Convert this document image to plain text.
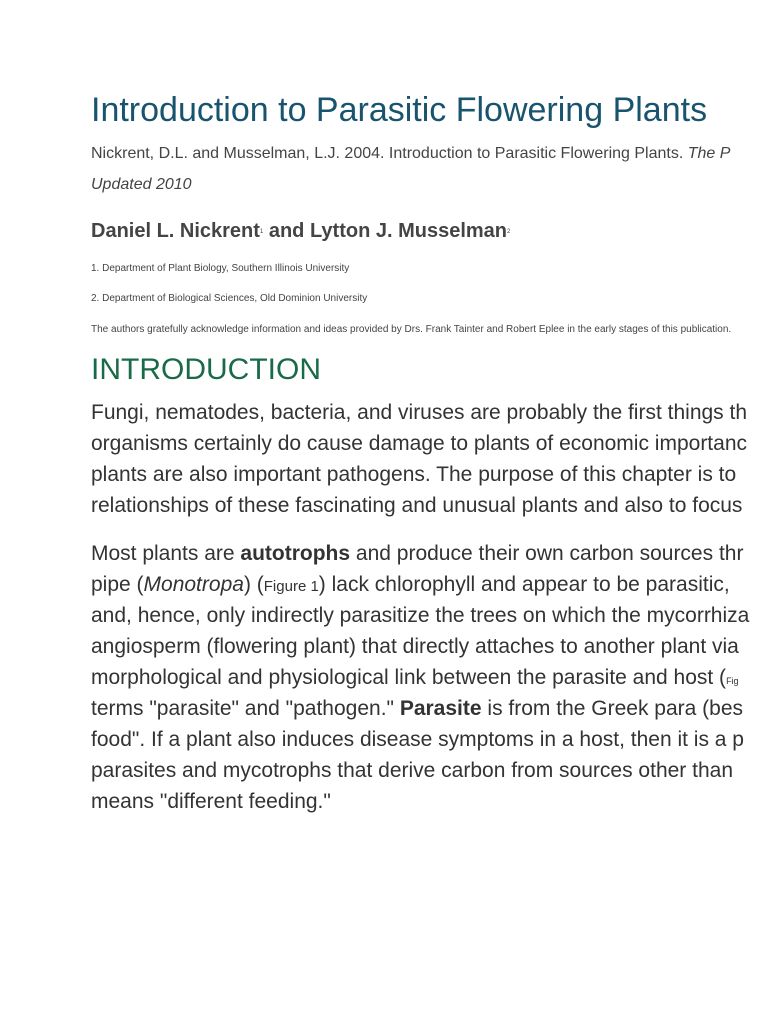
Introduction to Parasitic Flowering Plants
Nickrent, D.L. and Musselman, L.J. 2004. Introduction to Parasitic Flowering Plants. The P
Updated 2010
Daniel L. Nickrent$^1$ and Lytton J. Musselman$^2$
1. Department of Plant Biology, Southern Illinois University
2. Department of Biological Sciences, Old Dominion University
The authors gratefully acknowledge information and ideas provided by Drs. Frank Tainter and Robert Eplee in the early stages of this publication.
INTRODUCTION
Fungi, nematodes, bacteria, and viruses are probably the first things th
organisms certainly do cause damage to plants of economic importanc
plants are also important pathogens. The purpose of this chapter is to
relationships of these fascinating and unusual plants and also to focus
Most plants are autotrophs and produce their own carbon sources thr
pipe (Monotropa) (Figure 1) lack chlorophyll and appear to be parasitic,
and, hence, only indirectly parasitize the trees on which the mycorrhiza
angiosperm (flowering plant) that directly attaches to another plant via
morphological and physiological link between the parasite and host (Fig
terms "parasite" and "pathogen." Parasite is from the Greek para (bes
food". If a plant also induces disease symptoms in a host, then it is a p
parasites and mycotrophs that derive carbon from sources other than
means "different feeding."
